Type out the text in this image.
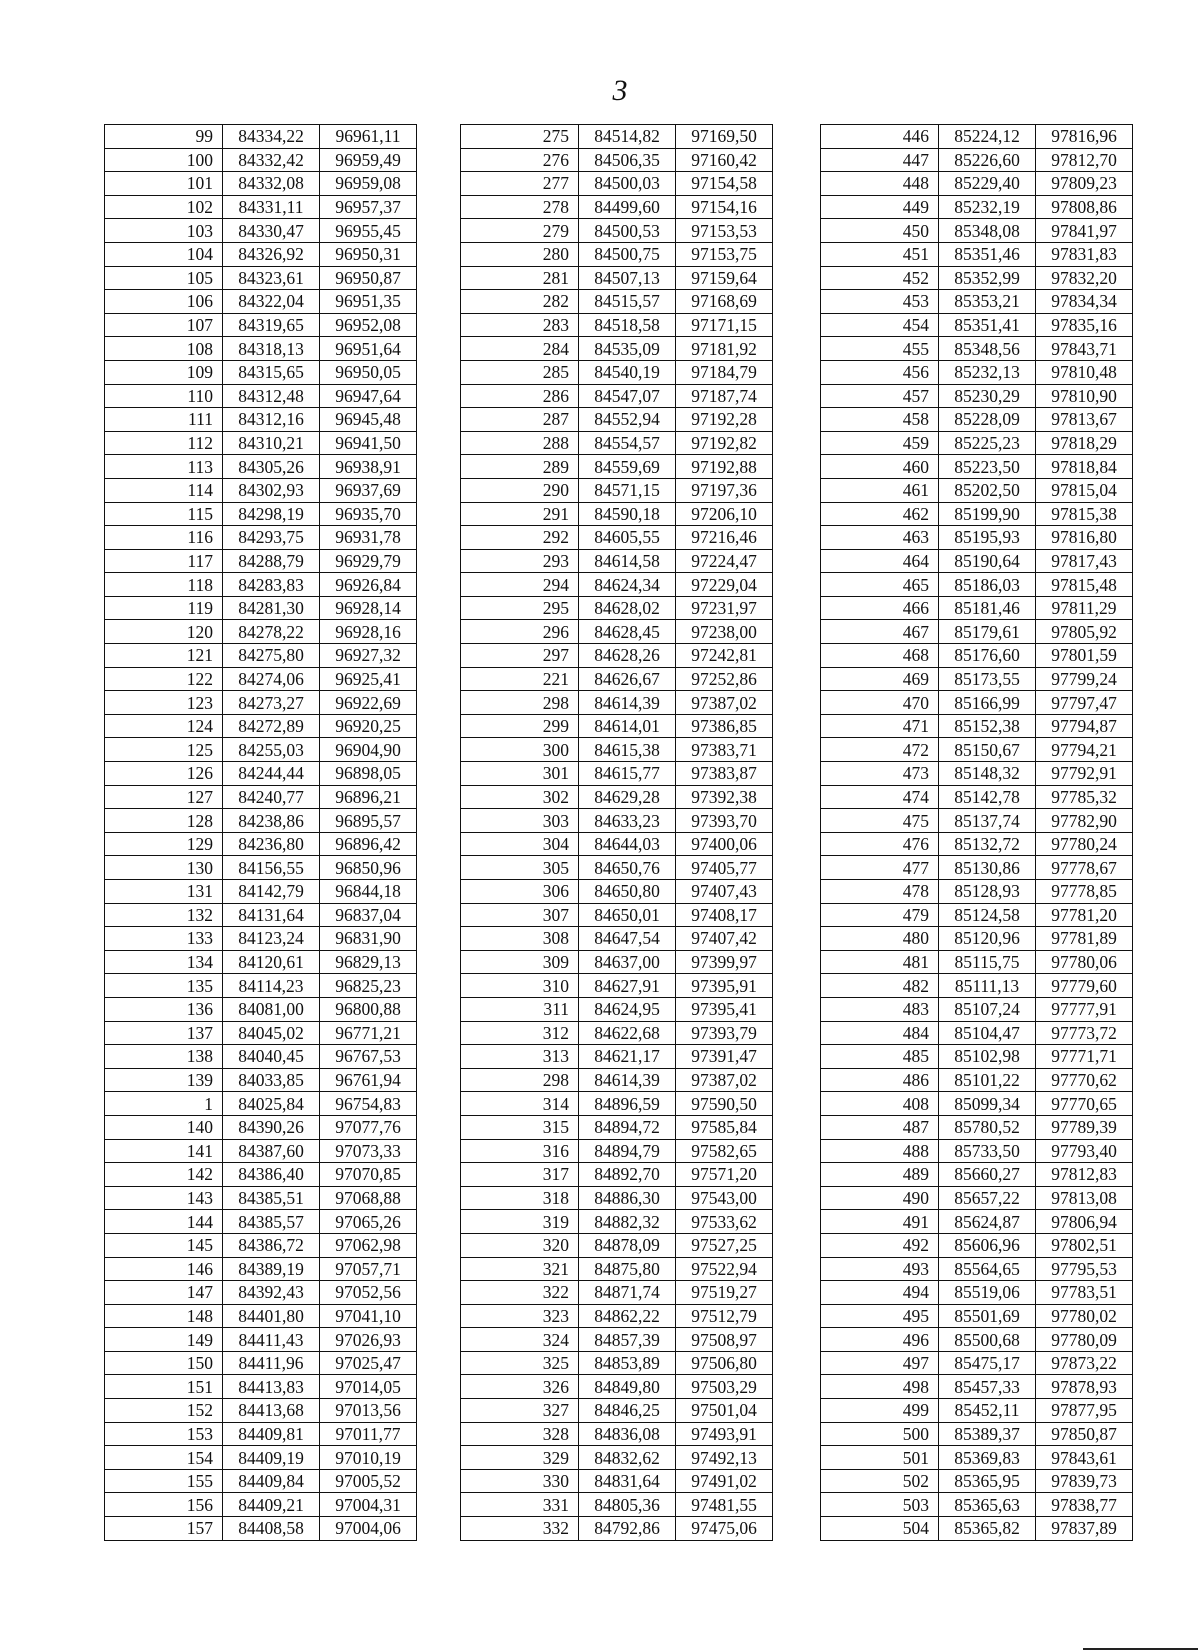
3
99	84334,22	96961,11
100	84332,42	96959,49
101	84332,08	96959,08
102	84331,11	96957,37
103	84330,47	96955,45
104	84326,92	96950,31
105	84323,61	96950,87
106	84322,04	96951,35
107	84319,65	96952,08
108	84318,13	96951,64
109	84315,65	96950,05
110	84312,48	96947,64
111	84312,16	96945,48
112	84310,21	96941,50
113	84305,26	96938,91
114	84302,93	96937,69
115	84298,19	96935,70
116	84293,75	96931,78
117	84288,79	96929,79
118	84283,83	96926,84
119	84281,30	96928,14
120	84278,22	96928,16
121	84275,80	96927,32
122	84274,06	96925,41
123	84273,27	96922,69
124	84272,89	96920,25
125	84255,03	96904,90
126	84244,44	96898,05
127	84240,77	96896,21
128	84238,86	96895,57
129	84236,80	96896,42
130	84156,55	96850,96
131	84142,79	96844,18
132	84131,64	96837,04
133	84123,24	96831,90
134	84120,61	96829,13
135	84114,23	96825,23
136	84081,00	96800,88
137	84045,02	96771,21
138	84040,45	96767,53
139	84033,85	96761,94
1	84025,84	96754,83
140	84390,26	97077,76
141	84387,60	97073,33
142	84386,40	97070,85
143	84385,51	97068,88
144	84385,57	97065,26
145	84386,72	97062,98
146	84389,19	97057,71
147	84392,43	97052,56
148	84401,80	97041,10
149	84411,43	97026,93
150	84411,96	97025,47
151	84413,83	97014,05
152	84413,68	97013,56
153	84409,81	97011,77
154	84409,19	97010,19
155	84409,84	97005,52
156	84409,21	97004,31
157	84408,58	97004,06
275	84514,82	97169,50
276	84506,35	97160,42
277	84500,03	97154,58
278	84499,60	97154,16
279	84500,53	97153,53
280	84500,75	97153,75
281	84507,13	97159,64
282	84515,57	97168,69
283	84518,58	97171,15
284	84535,09	97181,92
285	84540,19	97184,79
286	84547,07	97187,74
287	84552,94	97192,28
288	84554,57	97192,82
289	84559,69	97192,88
290	84571,15	97197,36
291	84590,18	97206,10
292	84605,55	97216,46
293	84614,58	97224,47
294	84624,34	97229,04
295	84628,02	97231,97
296	84628,45	97238,00
297	84628,26	97242,81
221	84626,67	97252,86
298	84614,39	97387,02
299	84614,01	97386,85
300	84615,38	97383,71
301	84615,77	97383,87
302	84629,28	97392,38
303	84633,23	97393,70
304	84644,03	97400,06
305	84650,76	97405,77
306	84650,80	97407,43
307	84650,01	97408,17
308	84647,54	97407,42
309	84637,00	97399,97
310	84627,91	97395,91
311	84624,95	97395,41
312	84622,68	97393,79
313	84621,17	97391,47
298	84614,39	97387,02
314	84896,59	97590,50
315	84894,72	97585,84
316	84894,79	97582,65
317	84892,70	97571,20
318	84886,30	97543,00
319	84882,32	97533,62
320	84878,09	97527,25
321	84875,80	97522,94
322	84871,74	97519,27
323	84862,22	97512,79
324	84857,39	97508,97
325	84853,89	97506,80
326	84849,80	97503,29
327	84846,25	97501,04
328	84836,08	97493,91
329	84832,62	97492,13
330	84831,64	97491,02
331	84805,36	97481,55
332	84792,86	97475,06
446	85224,12	97816,96
447	85226,60	97812,70
448	85229,40	97809,23
449	85232,19	97808,86
450	85348,08	97841,97
451	85351,46	97831,83
452	85352,99	97832,20
453	85353,21	97834,34
454	85351,41	97835,16
455	85348,56	97843,71
456	85232,13	97810,48
457	85230,29	97810,90
458	85228,09	97813,67
459	85225,23	97818,29
460	85223,50	97818,84
461	85202,50	97815,04
462	85199,90	97815,38
463	85195,93	97816,80
464	85190,64	97817,43
465	85186,03	97815,48
466	85181,46	97811,29
467	85179,61	97805,92
468	85176,60	97801,59
469	85173,55	97799,24
470	85166,99	97797,47
471	85152,38	97794,87
472	85150,67	97794,21
473	85148,32	97792,91
474	85142,78	97785,32
475	85137,74	97782,90
476	85132,72	97780,24
477	85130,86	97778,67
478	85128,93	97778,85
479	85124,58	97781,20
480	85120,96	97781,89
481	85115,75	97780,06
482	85111,13	97779,60
483	85107,24	97777,91
484	85104,47	97773,72
485	85102,98	97771,71
486	85101,22	97770,62
408	85099,34	97770,65
487	85780,52	97789,39
488	85733,50	97793,40
489	85660,27	97812,83
490	85657,22	97813,08
491	85624,87	97806,94
492	85606,96	97802,51
493	85564,65	97795,53
494	85519,06	97783,51
495	85501,69	97780,02
496	85500,68	97780,09
497	85475,17	97873,22
498	85457,33	97878,93
499	85452,11	97877,95
500	85389,37	97850,87
501	85369,83	97843,61
502	85365,95	97839,73
503	85365,63	97838,77
504	85365,82	97837,89
